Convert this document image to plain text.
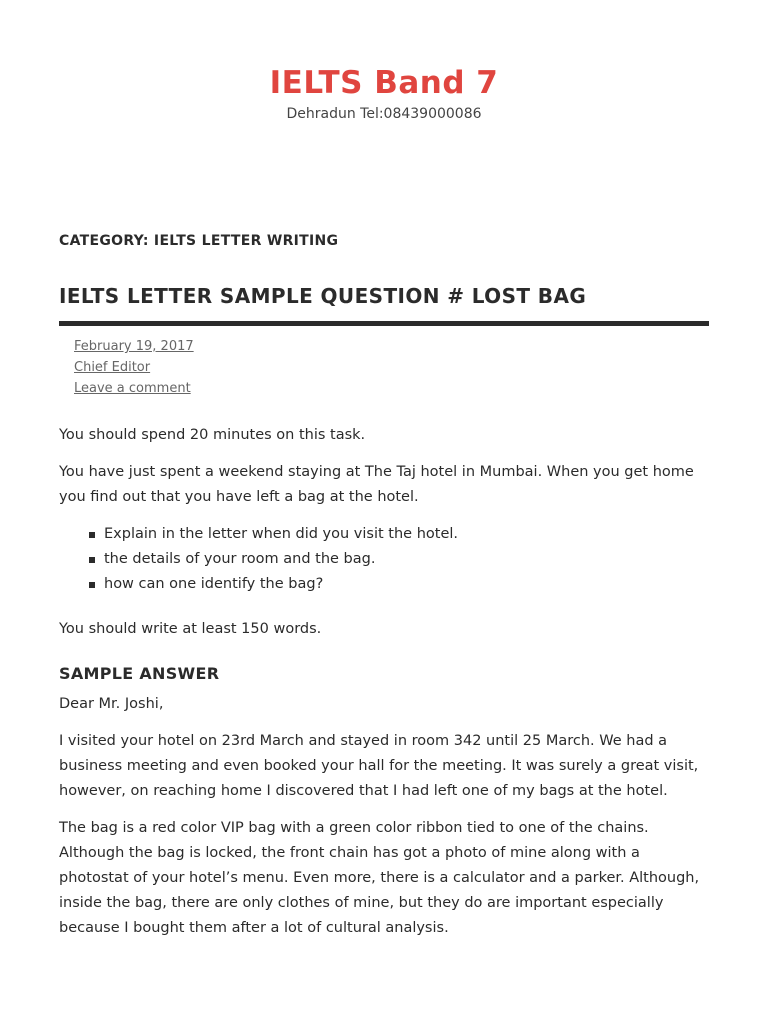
IELTS Band 7
Dehradun Tel:08439000086
CATEGORY: IELTS LETTER WRITING
IELTS LETTER SAMPLE QUESTION # LOST BAG
February 19, 2017
Chief Editor
Leave a comment

You should spend 20 minutes on this task.

You have just spent a weekend staying at The Taj hotel in Mumbai. When you get home you find out that you have left a bag at the hotel.

Explain in the letter when did you visit the hotel.
the details of your room and the bag.
how can one identify the bag?

You should write at least 150 words.

SAMPLE ANSWER

Dear Mr. Joshi,

I visited your hotel on 23rd March and stayed in room 342 until 25 March. We had a business meeting and even booked your hall for the meeting. It was surely a great visit, however, on reaching home I discovered that I had left one of my bags at the hotel.

The bag is a red color VIP bag with a green color ribbon tied to one of the chains. Although the bag is locked, the front chain has got a photo of mine along with a photostat of your hotel’s menu. Even more, there is a calculator and a parker. Although, inside the bag, there are only clothes of mine, but they do are important especially because I bought them after a lot of cultural analysis.
